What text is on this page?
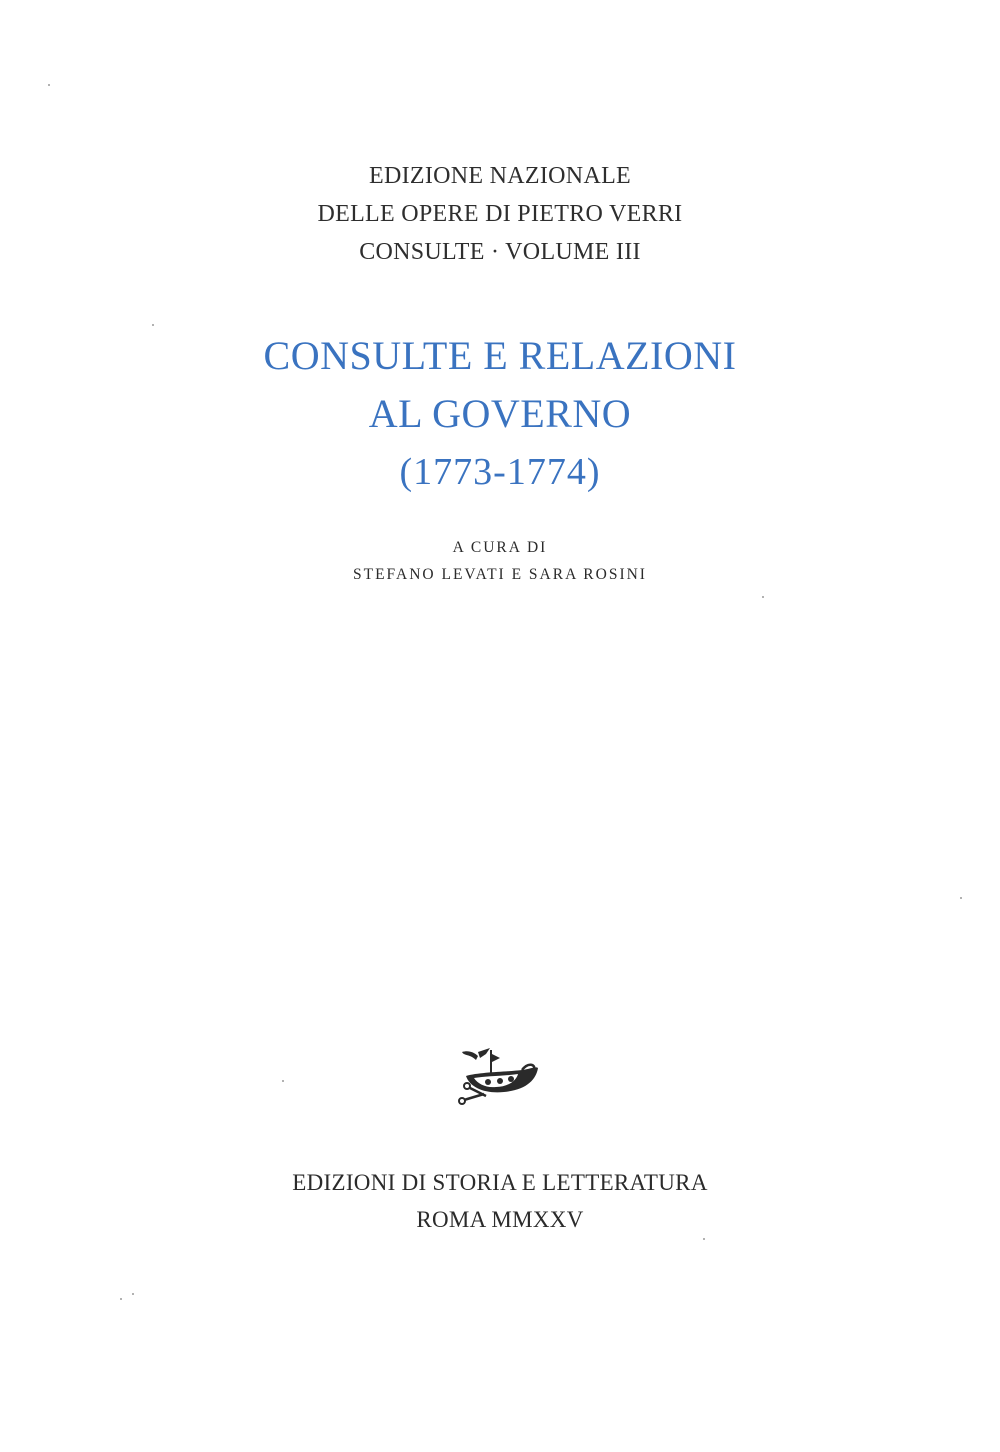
EDIZIONE NAZIONALE
DELLE OPERE DI PIETRO VERRI
CONSULTE · VOLUME III
CONSULTE E RELAZIONI
AL GOVERNO
(1773-1774)
A CURA DI
STEFANO LEVATI E SARA ROSINI
EDIZIONI DI STORIA E LETTERATURA
ROMA MMXXV
